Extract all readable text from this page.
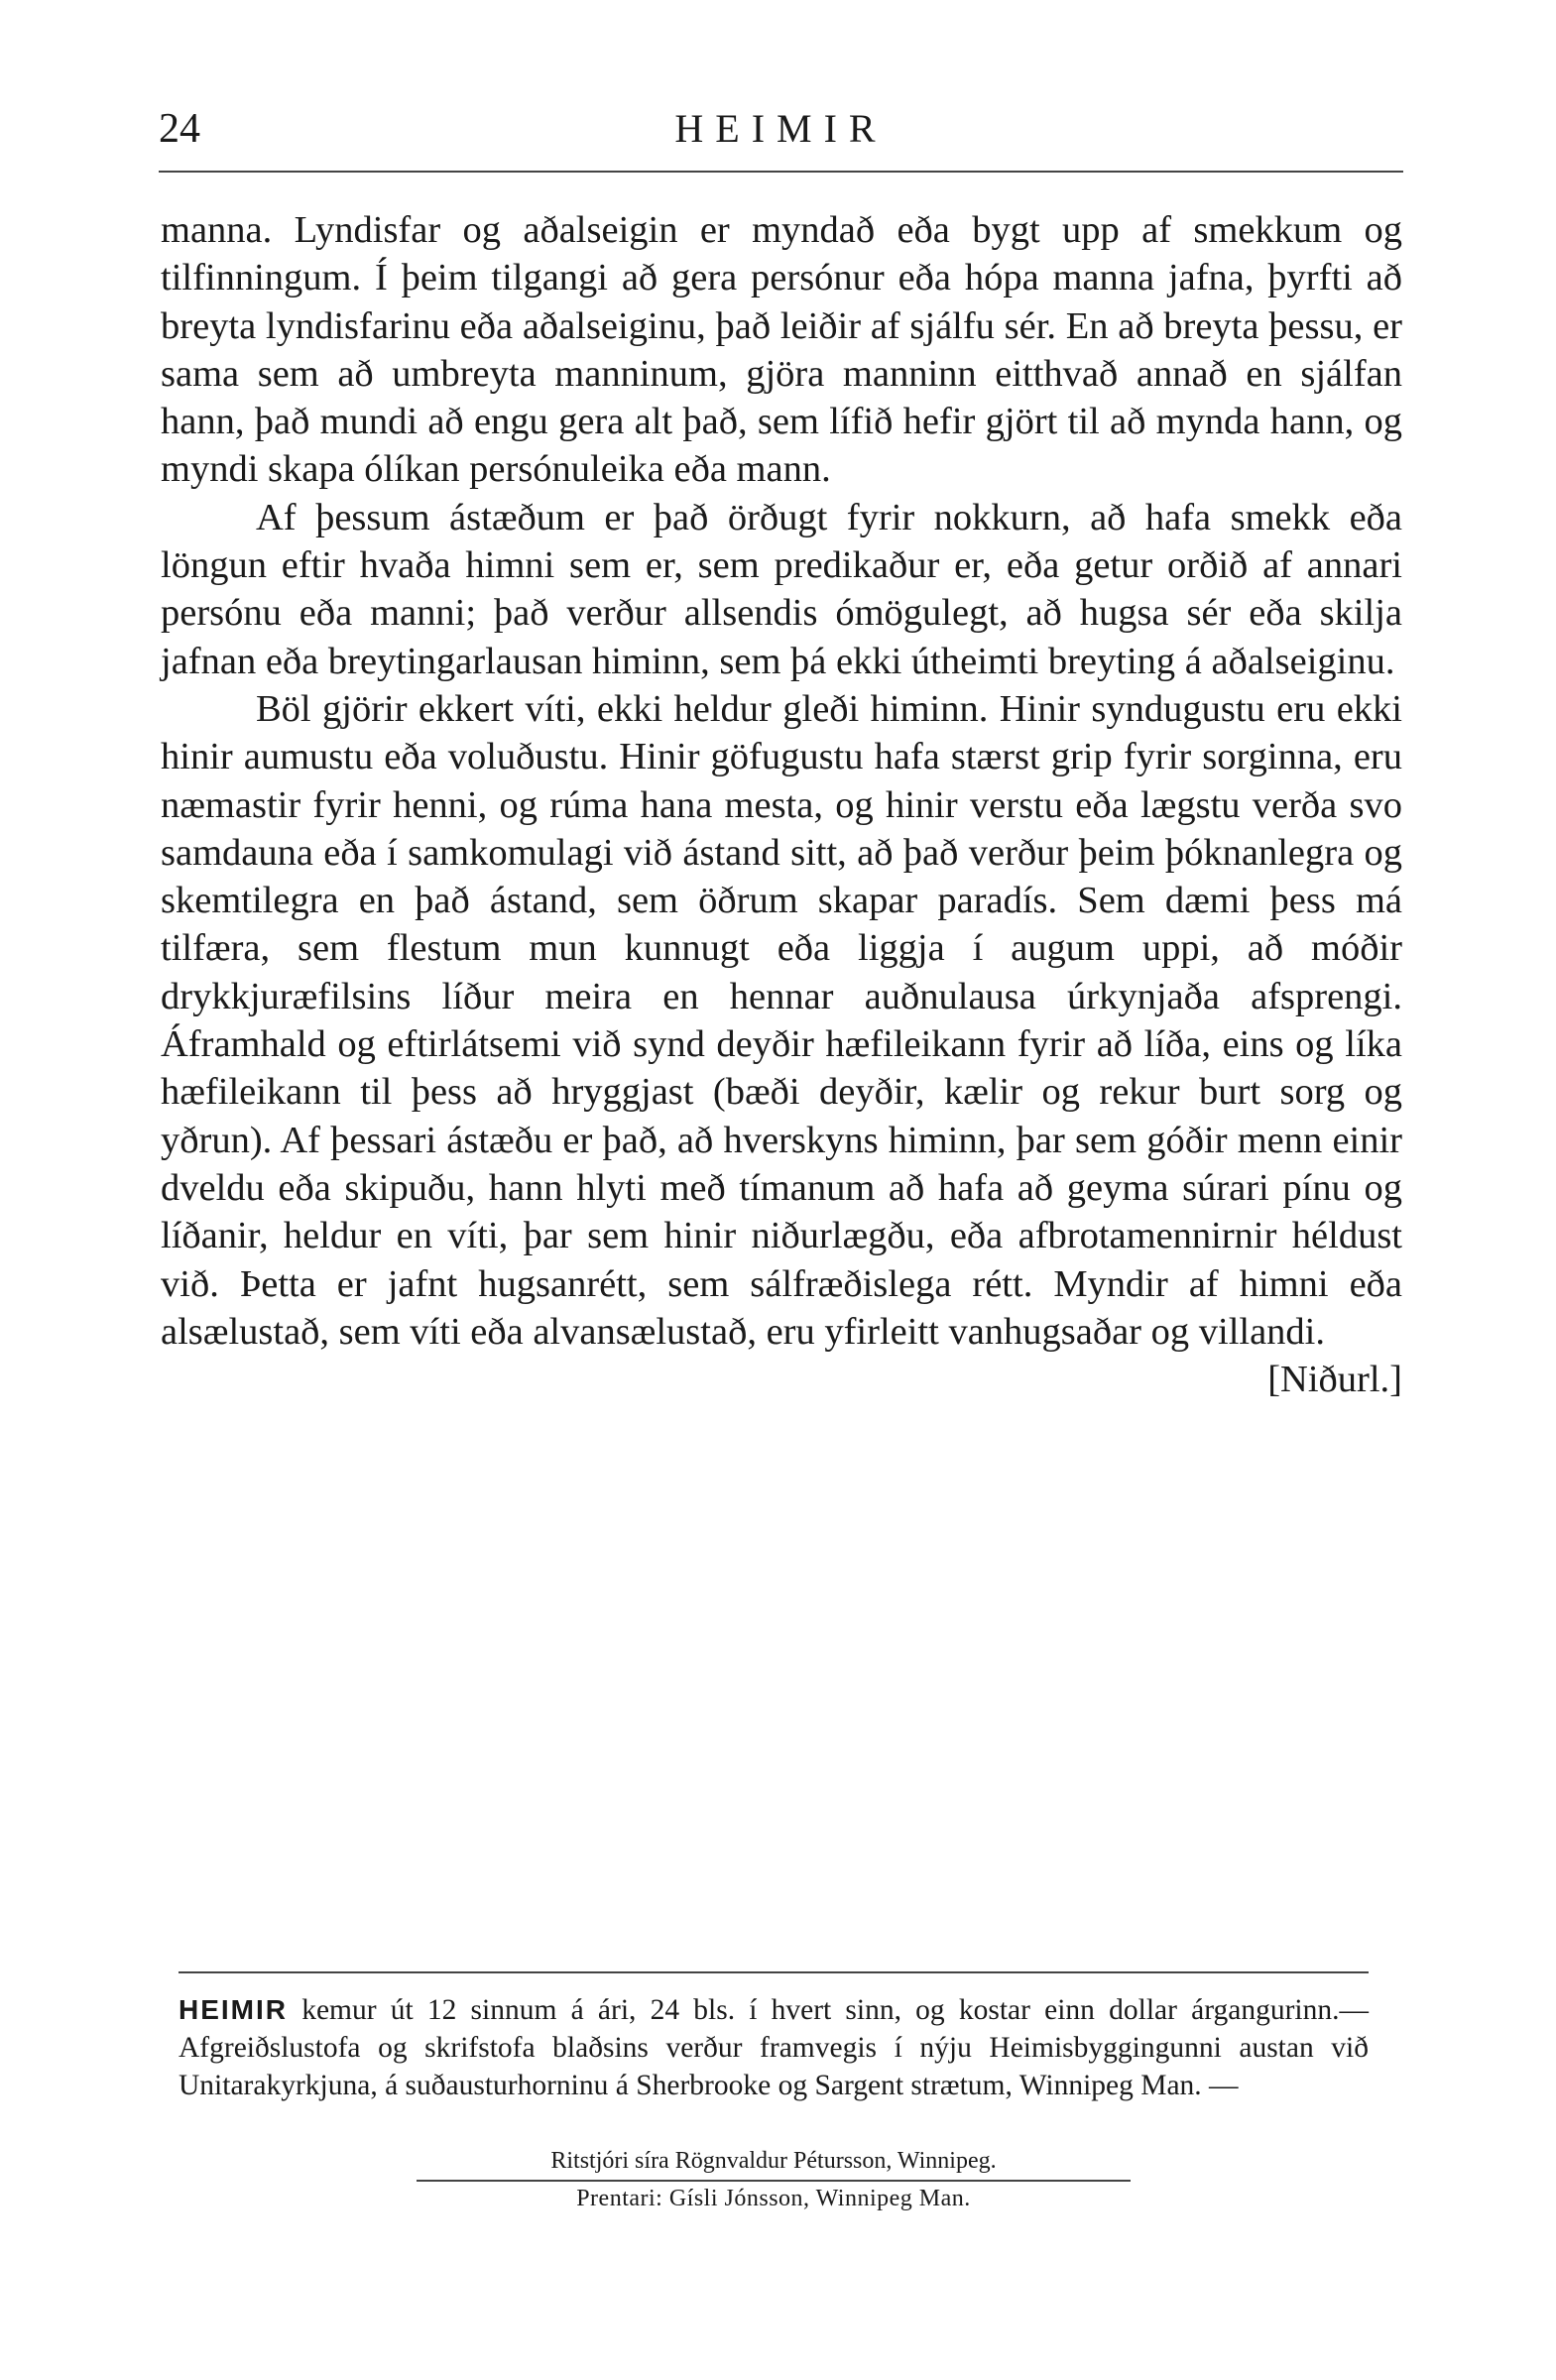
24	HEIMIR

manna. Lyndisfar og aðalseigin er myndað eða bygt upp af smekkum og tilfinningum. Í þeim tilgangi að gera persónur eða hópa manna jafna, þyrfti að breyta lyndisfarinu eða aðalseiginu, það leiðir af sjálfu sér. En að breyta þessu, er sama sem að umbreyta manninum, gjöra manninn eitthvað annað en sjálfan hann, það mundi að engu gera alt það, sem lífið hefir gjört til að mynda hann, og myndi skapa ólíkan persónuleika eða mann.

Af þessum ástæðum er það örðugt fyrir nokkurn, að hafa smekk eða löngun eftir hvaða himni sem er, sem predikaður er, eða getur orðið af annari persónu eða manni; það verður allsendis ómögulegt, að hugsa sér eða skilja jafnan eða breytingarlausan himinn, sem þá ekki útheimti breyting á aðalseiginu.

Böl gjörir ekkert víti, ekki heldur gleði himinn. Hinir syndugustu eru ekki hinir aumustu eða voluðustu. Hinir göfugustu hafa stærst grip fyrir sorginna, eru næmastir fyrir henni, og rúma hana mesta, og hinir verstu eða lægstu verða svo samdauna eða í samkomulagi við ástand sitt, að það verður þeim þóknanlegra og skemtilegra en það ástand, sem öðrum skapar paradís. Sem dæmi þess má tilfæra, sem flestum mun kunnugt eða liggja í augum uppi, að móðir drykkjuræfilsins líður meira en hennar auðnulausa úrkynjaða afsprengi. Áframhald og eftirlátsemi við synd deyðir hæfileikann fyrir að líða, eins og líka hæfileikann til þess að hryggjast (bæði deyðir, kælir og rekur burt sorg og yðrun). Af þessari ástæðu er það, að hverskyns himinn, þar sem góðir menn einir dveldu eða skipuðu, hann hlyti með tímanum að hafa að geyma súrari pínu og líðanir, heldur en víti, þar sem hinir niðurlægðu, eða afbrotamennirnir héldust við. Þetta er jafnt hugsanrétt, sem sálfræðislega rétt. Myndir af himni eða alsælustað, sem víti eða alvansælustað, eru yfirleitt vanhugsaðar og villandi.
[Niðurl.]

HEIMIR kemur út 12 sinnum á ári, 24 bls. í hvert sinn, og kostar einn dollar árgangurinn.— Afgreiðslustofa og skrifstofa blaðsins verður framvegis í nýju Heimisbyggingunni austan við Unitarakyrkjuna, á suðausturhorninu á Sherbrooke og Sargent strætum, Winnipeg Man. —

Ritstjóri síra Rögnvaldur Pétursson, Winnipeg.
Prentari: Gísli Jónsson, Winnipeg Man.
